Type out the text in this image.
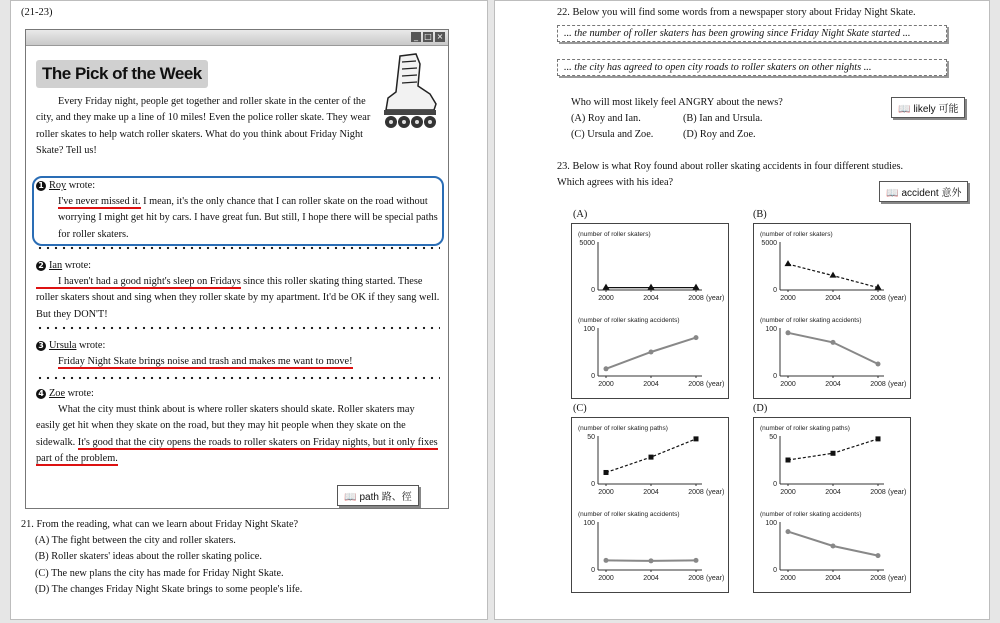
(21-23)
_ □ ×
The Pick of the Week
Every Friday night, people get together and roller skate in the center of the city, and they make up a line of 10 miles! Even the police roller skate. They wear roller skates to help watch roller skaters. What do you think about Friday Night Skate? Tell us!
1 Roy wrote:
I've never missed it. I mean, it's the only chance that I can roller skate on the road without worrying I might get hit by cars. I have great fun. But still, I hope there will be special paths for roller skaters.
2 Ian wrote:
I haven't had a good night's sleep on Fridays since this roller skating thing started. These roller skaters shout and sing when they roller skate by my apartment. It'd be OK if they sang well. But they DON'T!
3 Ursula wrote:
Friday Night Skate brings noise and trash and makes me want to move!
4 Zoe wrote:
What the city must think about is where roller skaters should skate. Roller skaters may easily get hit when they skate on the road, but they may hit people when they skate on the sidewalk. It's good that the city opens the roads to roller skaters on Friday nights, but it only fixes part of the problem.
📖 path 路、徑
21. From the reading, what can we learn about Friday Night Skate?
(A) The fight between the city and roller skaters.
(B) Roller skaters' ideas about the roller skating police.
(C) The new plans the city has made for Friday Night Skate.
(D) The changes Friday Night Skate brings to some people's life.
22. Below you will find some words from a newspaper story about Friday Night Skate.
... the number of roller skaters has been growing since Friday Night Skate started ...
... the city has agreed to open city roads to roller skaters on other nights ...
Who will most likely feel ANGRY about the news?
(A) Roy and Ian.	(B) Ian and Ursula.
(C) Ursula and Zoe.	(D) Roy and Zoe.
📖 likely 可能
23. Below is what Roy found about roller skating accidents in four different studies. Which agrees with his idea?
📖 accident 意外
(A)	(B)
(C)	(D)
(number of roller skaters)
5000
0
2000	2004	2008 (year)
(number of roller skating accidents)
100
0
2000	2004	2008 (year)
(number of roller skaters)
5000
0
2000	2004	2008 (year)
(number of roller skating accidents)
100
0
2000	2004	2008 (year)
(number of roller skating paths)
50
0
2000	2004	2008 (year)
(number of roller skating accidents)
100
0
2000	2004	2008 (year)
(number of roller skating paths)
50
0
2000	2004	2008 (year)
(number of roller skating accidents)
100
0
2000	2004	2008 (year)
